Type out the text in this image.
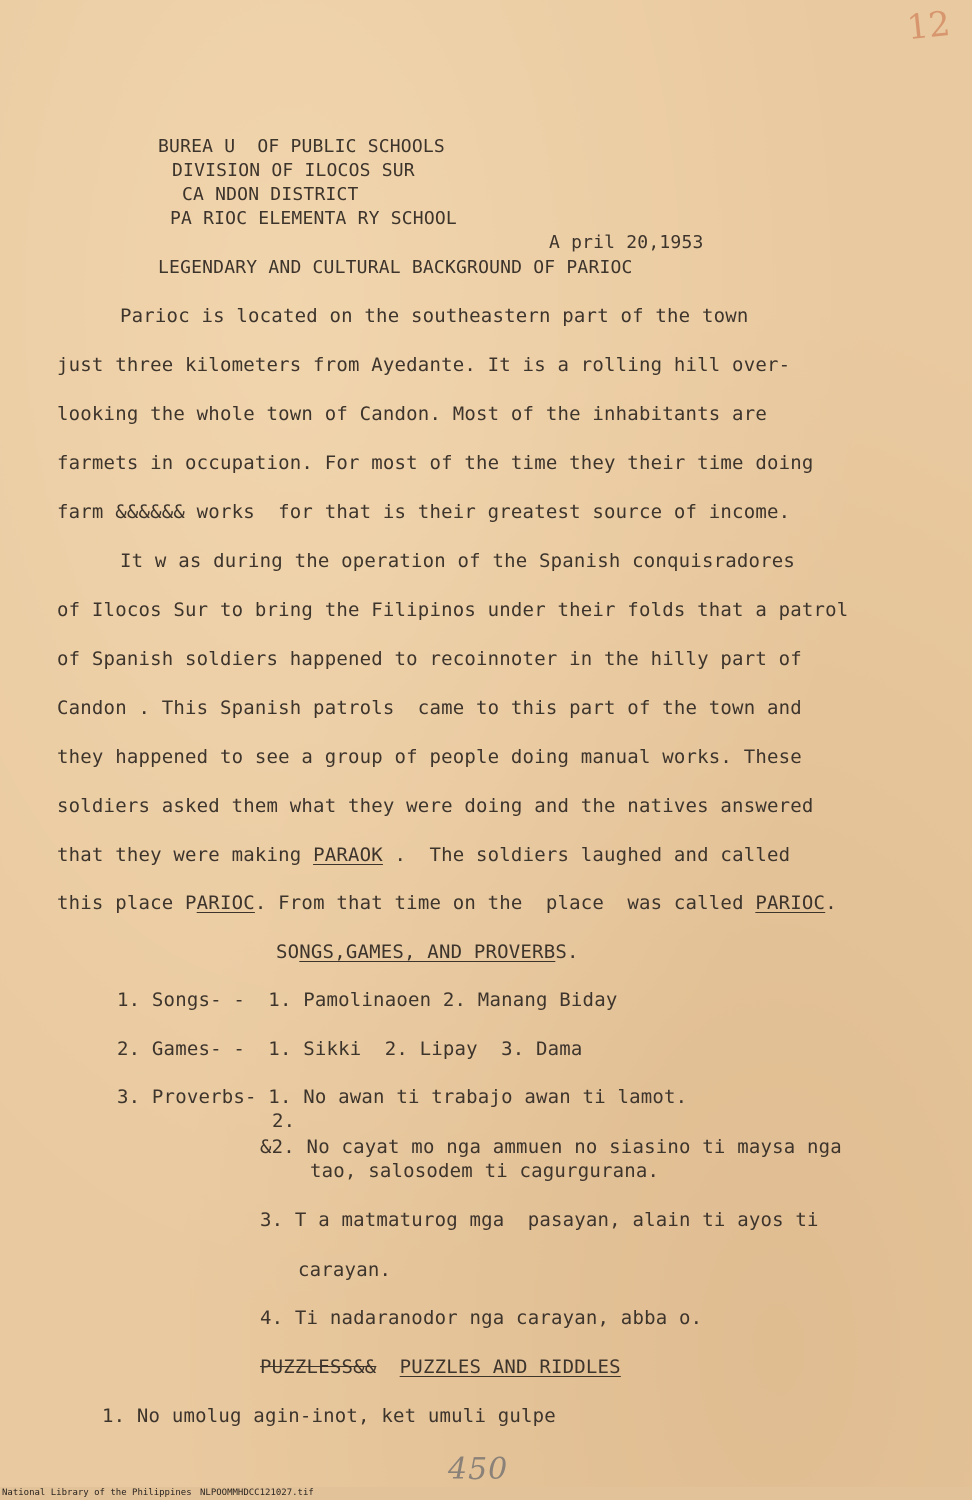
12
BUREA U  OF PUBLIC SCHOOLS
DIVISION OF ILOCOS SUR
CA NDON DISTRICT
PA RIOC ELEMENTA RY SCHOOL
A pril 20,1953
LEGENDARY AND CULTURAL BACKGROUND OF PARIOC
Parioc is located on the southeastern part of the town
just three kilometers from Ayedante. It is a rolling hill over-
looking the whole town of Candon. Most of the inhabitants are
farmets in occupation. For most of the time they their time doing
farm &&&&&& works  for that is their greatest source of income.
It w as during the operation of the Spanish conquisradores
of Ilocos Sur to bring the Filipinos under their folds that a patrol
of Spanish soldiers happened to recoinnoter in the hilly part of
Candon . This Spanish patrols  came to this part of the town and
they happened to see a group of people doing manual works. These
soldiers asked them what they were doing and the natives answered
that they were making PARAOK .  The soldiers laughed and called
this place PARIOC. From that time on the  place  was called PARIOC.
SONGS,GAMES, AND PROVERBS.
1. Songs- -  1. Pamolinaoen 2. Manang Biday
2. Games- -  1. Sikki  2. Lipay  3. Dama
3. Proverbs- 1. No awan ti trabajo awan ti lamot.
2.
&2. No cayat mo nga ammuen no siasino ti maysa nga
tao, salosodem ti cagurgurana.
3. T a matmaturog mga  pasayan, alain ti ayos ti
carayan.
4. Ti nadaranodor nga carayan, abba o.
PUZZLESS&& PUZZLES AND RIDDLES
1. No umolug agin-inot, ket umuli gulpe
450
National Library of the Philippines NLPOOMMHDCC121027.tif
